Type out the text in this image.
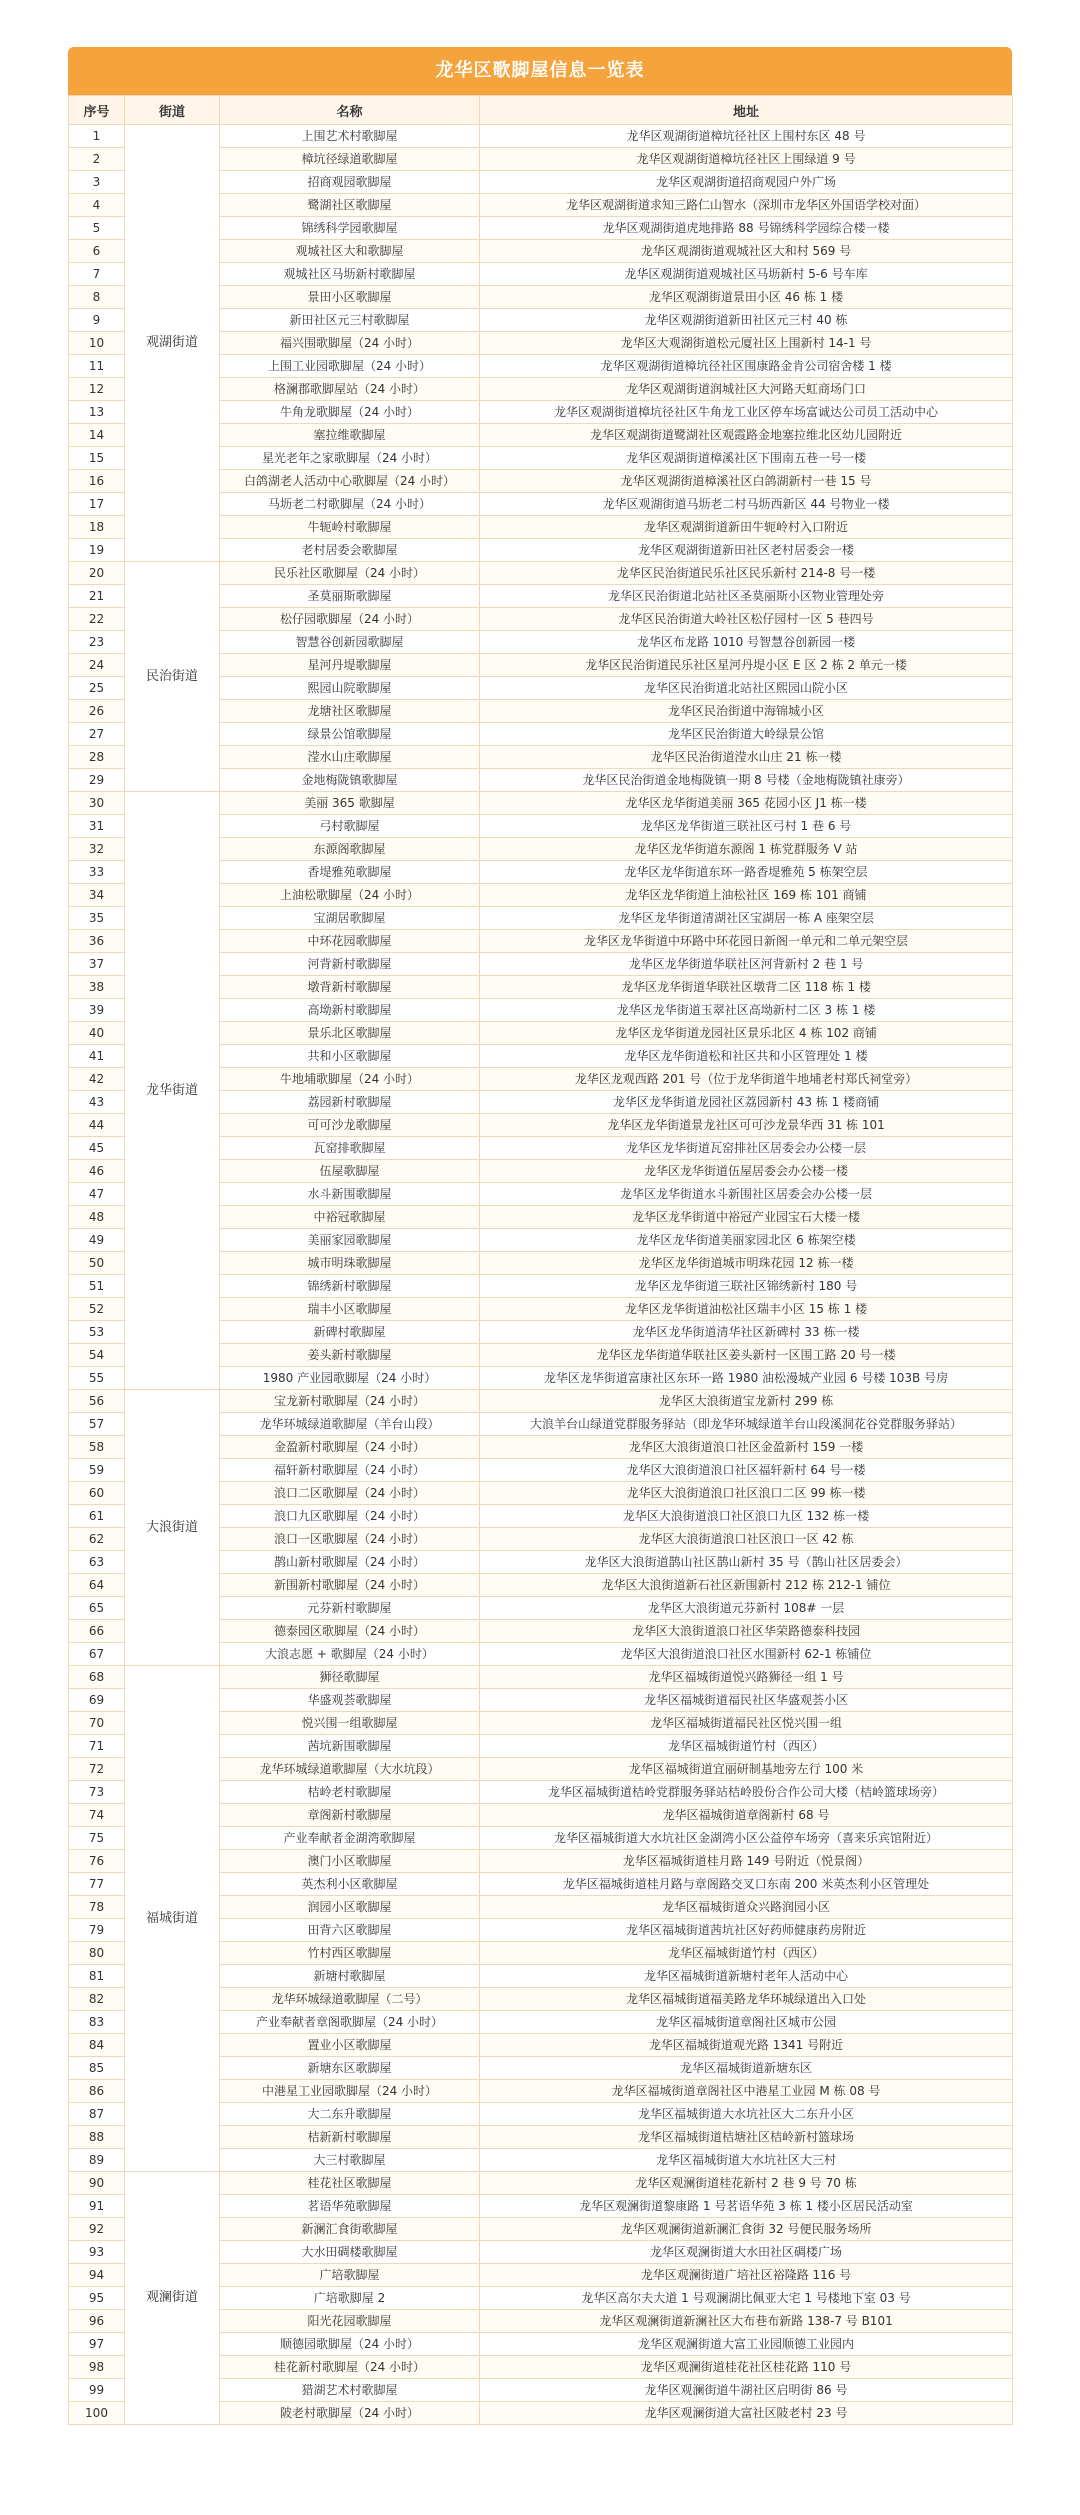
龙华区歌脚屋信息一览表
序号	街道	名称	地址
1	观湖街道	上围艺术村歌脚屋	龙华区观湖街道樟坑径社区上围村东区 48 号
2		樟坑径绿道歌脚屋	龙华区观湖街道樟坑径社区上围绿道 9 号
3		招商观园歌脚屋	龙华区观湖街道招商观园户外广场
4		鹭湖社区歌脚屋	龙华区观湖街道求知三路仁山智水（深圳市龙华区外国语学校对面）
5		锦绣科学园歌脚屋	龙华区观湖街道虎地排路 88 号锦绣科学园综合楼一楼
6		观城社区大和歌脚屋	龙华区观湖街道观城社区大和村 569 号
7		观城社区马坜新村歌脚屋	龙华区观湖街道观城社区马坜新村 5-6 号车库
8		景田小区歌脚屋	龙华区观湖街道景田小区 46 栋 1 楼
9		新田社区元三村歌脚屋	龙华区观湖街道新田社区元三村 40 栋
10		福兴围歌脚屋（24 小时）	龙华区大观湖街道松元厦社区上围新村 14-1 号
11		上围工业园歌脚屋（24 小时）	龙华区观湖街道樟坑径社区围康路金肯公司宿舍楼 1 楼
12		格澜郡歌脚屋站（24 小时）	龙华区观湖街道润城社区大河路天虹商场门口
13		牛角龙歌脚屋（24 小时）	龙华区观湖街道樟坑径社区牛角龙工业区停车场富诚达公司员工活动中心
14		塞拉维歌脚屋	龙华区观湖街道鹭湖社区观霞路金地塞拉维北区幼儿园附近
15		星光老年之家歌脚屋（24 小时）	龙华区观湖街道樟溪社区下围南五巷一号一楼
16		白鸽湖老人活动中心歌脚屋（24 小时）	龙华区观湖街道樟溪社区白鸽湖新村一巷 15 号
17		马坜老二村歌脚屋（24 小时）	龙华区观湖街道马坜老二村马坜西新区 44 号物业一楼
18		牛轭岭村歌脚屋	龙华区观湖街道新田牛轭岭村入口附近
19		老村居委会歌脚屋	龙华区观湖街道新田社区老村居委会一楼
20	民治街道	民乐社区歌脚屋（24 小时）	龙华区民治街道民乐社区民乐新村 214-8 号一楼
21		圣莫丽斯歌脚屋	龙华区民治街道北站社区圣莫丽斯小区物业管理处旁
22		松仔园歌脚屋（24 小时）	龙华区民治街道大岭社区松仔园村一区 5 巷四号
23		智慧谷创新园歌脚屋	龙华区布龙路 1010 号智慧谷创新园一楼
24		星河丹堤歌脚屋	龙华区民治街道民乐社区星河丹堤小区 E 区 2 栋 2 单元一楼
25		熙园山院歌脚屋	龙华区民治街道北站社区熙园山院小区
26		龙塘社区歌脚屋	龙华区民治街道中海锦城小区
27		绿景公馆歌脚屋	龙华区民治街道大岭绿景公馆
28		滢水山庄歌脚屋	龙华区民治街道滢水山庄 21 栋一楼
29		金地梅陇镇歌脚屋	龙华区民治街道金地梅陇镇一期 8 号楼（金地梅陇镇社康旁）
30	龙华街道	美丽 365 歌脚屋	龙华区龙华街道美丽 365 花园小区 J1 栋一楼
31		弓村歌脚屋	龙华区龙华街道三联社区弓村 1 巷 6 号
32		东源阁歌脚屋	龙华区龙华街道东源阁 1 栋党群服务 V 站
33		香堤雅苑歌脚屋	龙华区龙华街道东环一路香堤雅苑 5 栋架空层
34		上油松歌脚屋（24 小时）	龙华区龙华街道上油松社区 169 栋 101 商铺
35		宝湖居歌脚屋	龙华区龙华街道清湖社区宝湖居一栋 A 座架空层
36		中环花园歌脚屋	龙华区龙华街道中环路中环花园日新阁一单元和二单元架空层
37		河背新村歌脚屋	龙华区龙华街道华联社区河背新村 2 巷 1 号
38		墩背新村歌脚屋	龙华区龙华街道华联社区墩背二区 118 栋 1 楼
39		高坳新村歌脚屋	龙华区龙华街道玉翠社区高坳新村二区 3 栋 1 楼
40		景乐北区歌脚屋	龙华区龙华街道龙园社区景乐北区 4 栋 102 商铺
41		共和小区歌脚屋	龙华区龙华街道松和社区共和小区管理处 1 楼
42		牛地埔歌脚屋（24 小时）	龙华区龙观西路 201 号（位于龙华街道牛地埔老村郑氏祠堂旁）
43		荔园新村歌脚屋	龙华区龙华街道龙园社区荔园新村 43 栋 1 楼商铺
44		可可沙龙歌脚屋	龙华区龙华街道景龙社区可可沙龙景华西 31 栋 101
45		瓦窑排歌脚屋	龙华区龙华街道瓦窑排社区居委会办公楼一层
46		伍屋歌脚屋	龙华区龙华街道伍屋居委会办公楼一楼
47		水斗新围歌脚屋	龙华区龙华街道水斗新围社区居委会办公楼一层
48		中裕冠歌脚屋	龙华区龙华街道中裕冠产业园宝石大楼一楼
49		美丽家园歌脚屋	龙华区龙华街道美丽家园北区 6 栋架空楼
50		城市明珠歌脚屋	龙华区龙华街道城市明珠花园 12 栋一楼
51		锦绣新村歌脚屋	龙华区龙华街道三联社区锦绣新村 180 号
52		瑞丰小区歌脚屋	龙华区龙华街道油松社区瑞丰小区 15 栋 1 楼
53		新碑村歌脚屋	龙华区龙华街道清华社区新碑村 33 栋一楼
54		姜头新村歌脚屋	龙华区龙华街道华联社区姜头新村一区围工路 20 号一楼
55		1980 产业园歌脚屋（24 小时）	龙华区龙华街道富康社区东环一路 1980 油松漫城产业园 6 号楼 103B 号房
56	大浪街道	宝龙新村歌脚屋（24 小时）	龙华区大浪街道宝龙新村 299 栋
57		龙华环城绿道歌脚屋（羊台山段）	大浪羊台山绿道党群服务驿站（即龙华环城绿道羊台山段溪洞花谷党群服务驿站）
58		金盈新村歌脚屋（24 小时）	龙华区大浪街道浪口社区金盈新村 159 一楼
59		福轩新村歌脚屋（24 小时）	龙华区大浪街道浪口社区福轩新村 64 号一楼
60		浪口二区歌脚屋（24 小时）	龙华区大浪街道浪口社区浪口二区 99 栋一楼
61		浪口九区歌脚屋（24 小时）	龙华区大浪街道浪口社区浪口九区 132 栋一楼
62		浪口一区歌脚屋（24 小时）	龙华区大浪街道浪口社区浪口一区 42 栋
63		鹊山新村歌脚屋（24 小时）	龙华区大浪街道鹊山社区鹊山新村 35 号（鹊山社区居委会）
64		新围新村歌脚屋（24 小时）	龙华区大浪街道新石社区新围新村 212 栋 212-1 铺位
65		元芬新村歌脚屋	龙华区大浪街道元芬新村 108# 一层
66		德泰园区歌脚屋（24 小时）	龙华区大浪街道浪口社区华荣路德泰科技园
67		大浪志愿 + 歌脚屋（24 小时）	龙华区大浪街道浪口社区水围新村 62-1 栋铺位
68	福城街道	狮径歌脚屋	龙华区福城街道悦兴路狮径一组 1 号
69		华盛观荟歌脚屋	龙华区福城街道福民社区华盛观荟小区
70		悦兴围一组歌脚屋	龙华区福城街道福民社区悦兴围一组
71		茜坑新围歌脚屋	龙华区福城街道竹村（西区）
72		龙华环城绿道歌脚屋（大水坑段）	龙华区福城街道宜丽研制基地旁左行 100 米
73		桔岭老村歌脚屋	龙华区福城街道桔岭党群服务驿站桔岭股份合作公司大楼（桔岭篮球场旁）
74		章阁新村歌脚屋	龙华区福城街道章阁新村 68 号
75		产业奉献者金湖湾歌脚屋	龙华区福城街道大水坑社区金湖湾小区公益停车场旁（喜来乐宾馆附近）
76		澳门小区歌脚屋	龙华区福城街道桂月路 149 号附近（悦景阁）
77		英杰利小区歌脚屋	龙华区福城街道桂月路与章阁路交叉口东南 200 米英杰利小区管理处
78		润园小区歌脚屋	龙华区福城街道众兴路润园小区
79		田背六区歌脚屋	龙华区福城街道茜坑社区好药师健康药房附近
80		竹村西区歌脚屋	龙华区福城街道竹村（西区）
81		新塘村歌脚屋	龙华区福城街道新塘村老年人活动中心
82		龙华环城绿道歌脚屋（二号）	龙华区福城街道福美路龙华环城绿道出入口处
83		产业奉献者章阁歌脚屋（24 小时）	龙华区福城街道章阁社区城市公园
84		置业小区歌脚屋	龙华区福城街道观光路 1341 号附近
85		新塘东区歌脚屋	龙华区福城街道新塘东区
86		中港星工业园歌脚屋（24 小时）	龙华区福城街道章阁社区中港星工业园 M 栋 08 号
87		大二东升歌脚屋	龙华区福城街道大水坑社区大二东升小区
88		桔新新村歌脚屋	龙华区福城街道桔塘社区桔岭新村篮球场
89		大三村歌脚屋	龙华区福城街道大水坑社区大三村
90	观澜街道	桂花社区歌脚屋	龙华区观澜街道桂花新村 2 巷 9 号 70 栋
91		茗语华苑歌脚屋	龙华区观澜街道黎康路 1 号茗语华苑 3 栋 1 楼小区居民活动室
92		新澜汇食街歌脚屋	龙华区观澜街道新澜汇食街 32 号便民服务场所
93		大水田碉楼歌脚屋	龙华区观澜街道大水田社区碉楼广场
94		广培歌脚屋	龙华区观澜街道广培社区裕隆路 116 号
95		广培歌脚屋 2	龙华区高尔夫大道 1 号观澜湖比佩亚大宅 1 号楼地下室 03 号
96		阳光花园歌脚屋	龙华区观澜街道新澜社区大布巷布新路 138-7 号 B101
97		顺德园歌脚屋（24 小时）	龙华区观澜街道大富工业园顺德工业园内
98		桂花新村歌脚屋（24 小时）	龙华区观澜街道桂花社区桂花路 110 号
99		猎湖艺术村歌脚屋	龙华区观澜街道牛湖社区启明街 86 号
100		陂老村歌脚屋（24 小时）	龙华区观澜街道大富社区陂老村 23 号
